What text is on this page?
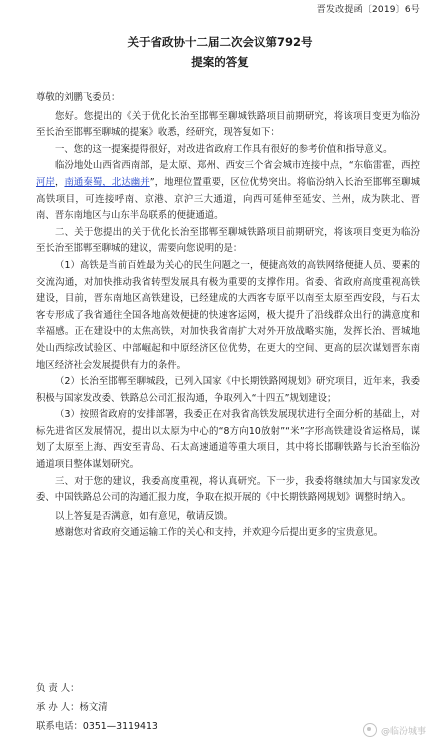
晋发改提函〔2019〕6号

关于省政协十二届二次会议第792号

提案的答复

尊敬的刘鹏飞委员：

您好。您提出的《关于优化长治至邯郸至聊城铁路项目前期研究，将该项目变更为临汾至长治至邯郸至聊城的提案》收悉，经研究，现答复如下：

一、您的这一提案提得很好，对改进省政府工作具有很好的参考价值和指导意义。

临汾地处山西省西南部，是太原、郑州、西安三个省会城市连接中点，“东临雷霍，西控河岸，南通秦蜀，北达幽并”，地理位置重要，区位优势突出。将临汾纳入长治至邯郸至聊城高铁项目，可连接呼南、京港、京沪三大通道，向西可延伸至延安、兰州，成为陕北、晋南、晋东南地区与山东半岛联系的便捷通道。

二、关于您提出的关于优化长治至邯郸至聊城铁路项目前期研究，将该项目变更为临汾至长治至邯郸至聊城的建议，需要向您说明的是：

（1）高铁是当前百姓最为关心的民生问题之一，便捷高效的高铁网络便捷人员、要素的交流沟通，对加快推动我省转型发展具有极为重要的支撑作用。省委、省政府高度重视高铁建设，目前，晋东南地区高铁建设，已经建成的大西客专原平以南至太原至西安段，与石太客专形成了我省通往全国各地高效便捷的快速客运网，极大提升了沿线群众出行的满意度和幸福感。正在建设中的太焦高铁，对加快我省南扩大对外开放战略实施，发挥长治、晋城地处山西综改试验区、中部崛起和中原经济区位优势，在更大的空间、更高的层次谋划晋东南地区经济社会发展提供有力的条件。

（2）长治至邯郸至聊城段，已列入国家《中长期铁路网规划》研究项目，近年来，我委积极与国家发改委、铁路总公司汇报沟通，争取列入“十四五”规划建设；

（3）按照省政府的安排部署，我委正在对我省高铁发展现状进行全面分析的基础上，对标先进省区发展情况，提出以太原为中心的“8方向10放射”“米”字形高铁建设省运格局，谋划了太原至上海、西安至青岛、石太高速通道等重大项目，其中将长邯聊铁路与长治至临汾通道项目整体谋划研究。

三、对于您的建议，我委高度重视，将认真研究。下一步，我委将继续加大与国家发改委、中国铁路总公司的沟通汇报力度，争取在拟开展的《中长期铁路网规划》调整时纳入。

以上答复是否满意，如有意见，敬请反馈。

感谢您对省政府交通运输工作的关心和支持，并欢迎今后提出更多的宝贵意见。

负 责 人：
承 办 人：杨文清
联系电话：0351—3119413	@临汾城事
